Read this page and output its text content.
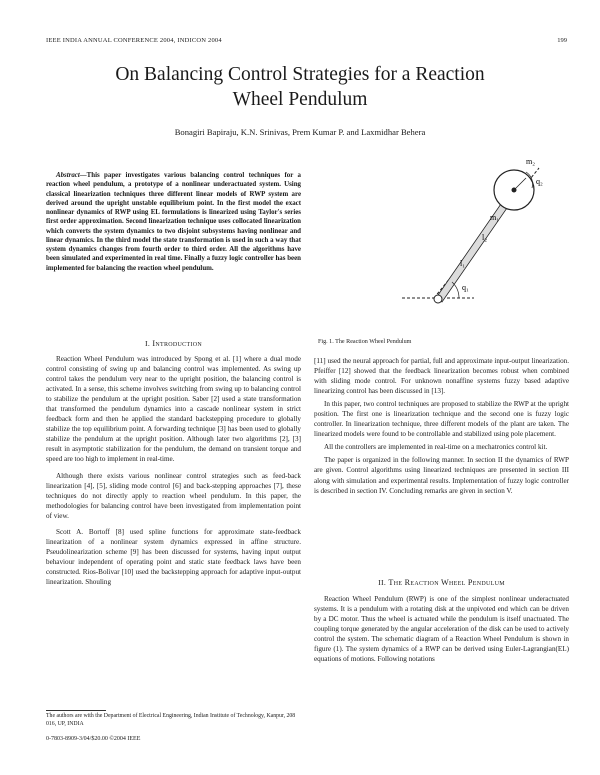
IEEE INDIA ANNUAL CONFERENCE 2004, INDICON 2004	199
On Balancing Control Strategies for a Reaction
Wheel Pendulum
Bonagiri Bapiraju, K.N. Srinivas, Prem Kumar P. and Laxmidhar Behera
Abstract—This paper investigates various balancing control techniques for a reaction wheel pendulum, a prototype of a nonlinear underactuated system. Using classical linearization techniques three different linear models of RWP system are derived around the upright unstable equilibrium point. In the first model the exact nonlinear dynamics of RWP using EL formulations is linearized using Taylor's series first order approximation. Second linearization technique uses collocated linearization which converts the system dynamics to two disjoint subsystems having nonlinear and linear dynamics. In the third model the state transformation is used in such a way that system dynamics changes from fourth order to third order. All the algorithms have been simulated and experimented in real time. Finally a fuzzy logic controller has been implemented for balancing the reaction wheel pendulum.
I. Introduction

Reaction Wheel Pendulum was introduced by Spong et al. [1] where a dual mode control consisting of swing up and balancing control was implemented. As swing up control takes the pendulum very near to the upright position, the balancing control is activated. In a sense, this scheme involves switching from swing up to balancing control to stabilize the pendulum at the upright position. Saber [2] used a state transformation that transformed the pendulum dynamics into a cascade nonlinear system in strict feedback form and then he applied the standard backstepping procedure to globally stabilize the top equilibrium point. A forwarding technique [3] has been used to globally stabilize the pendulum at the upright position. Although later two algorithms [2], [3] result in asymptotic stabilization for the pendulum, the demand on transient torque and speed are too high to implement in real-time.

Although there exists various nonlinear control strategies such as feed-back linearization [4], [5], sliding mode control [6] and back-stepping approaches [7], these techniques do not directly apply to reaction wheel pendulum. In this paper, the methodologies for balancing control have been investigated from implementation point of view.

Scott A. Bortoff [8] used spline functions for approximate state-feedback linearization of a nonlinear system dynamics expressed in affine structure. Pseudolinearization scheme [9] has been discussed for systems, having input output behaviour independent of operating point and static state feedback laws have been constructed. Rios-Bolivar [10] used the backstepping approach for adaptive input-output linearization. Shouling

q₁
q₂
l₁
l₂
m₁
m₂
Fig. 1. The Reaction Wheel Pendulum

[11] used the neural approach for partial, full and approximate input-output linearization. Pfeiffer [12] showed that the feedback linearization becomes robust when combined with sliding mode control. For unknown nonaffine systems fuzzy based adaptive linearizing control has been discussed in [13].

In this paper, two control techniques are proposed to stabilize the RWP at the upright position. The first one is linearization technique and the second one is fuzzy logic controller. In linearization technique, three different models of the plant are taken. The linearized models were found to be controllable and stabilized using pole placement.

All the controllers are implemented in real-time on a mechatronics control kit.

The paper is organized in the following manner. In section II the dynamics of RWP are given. Control algorithms using linearized techniques are presented in section III along with simulation and experimental results. Implementation of fuzzy logic controller is described in section IV. Concluding remarks are given in section V.

II. The Reaction Wheel Pendulum

Reaction Wheel Pendulum (RWP) is one of the simplest nonlinear underactuated systems. It is a pendulum with a rotating disk at the unpivoted end which can be driven by a DC motor. Thus the wheel is actuated while the pendulum is itself unactuated. The coupling torque generated by the angular acceleration of the disk can be used to actively control the system. The schematic diagram of a Reaction Wheel Pendulum is shown in figure (1). The system dynamics of a RWP can be derived using Euler-Lagrangian(EL) equations of motions. Following notations

The authors are with the Department of Electrical Engineering, Indian Institute of Technology, Kanpur, 208 016, UP, INDIA
0-7803-8909-3/04/$20.00 ©2004 IEEE
